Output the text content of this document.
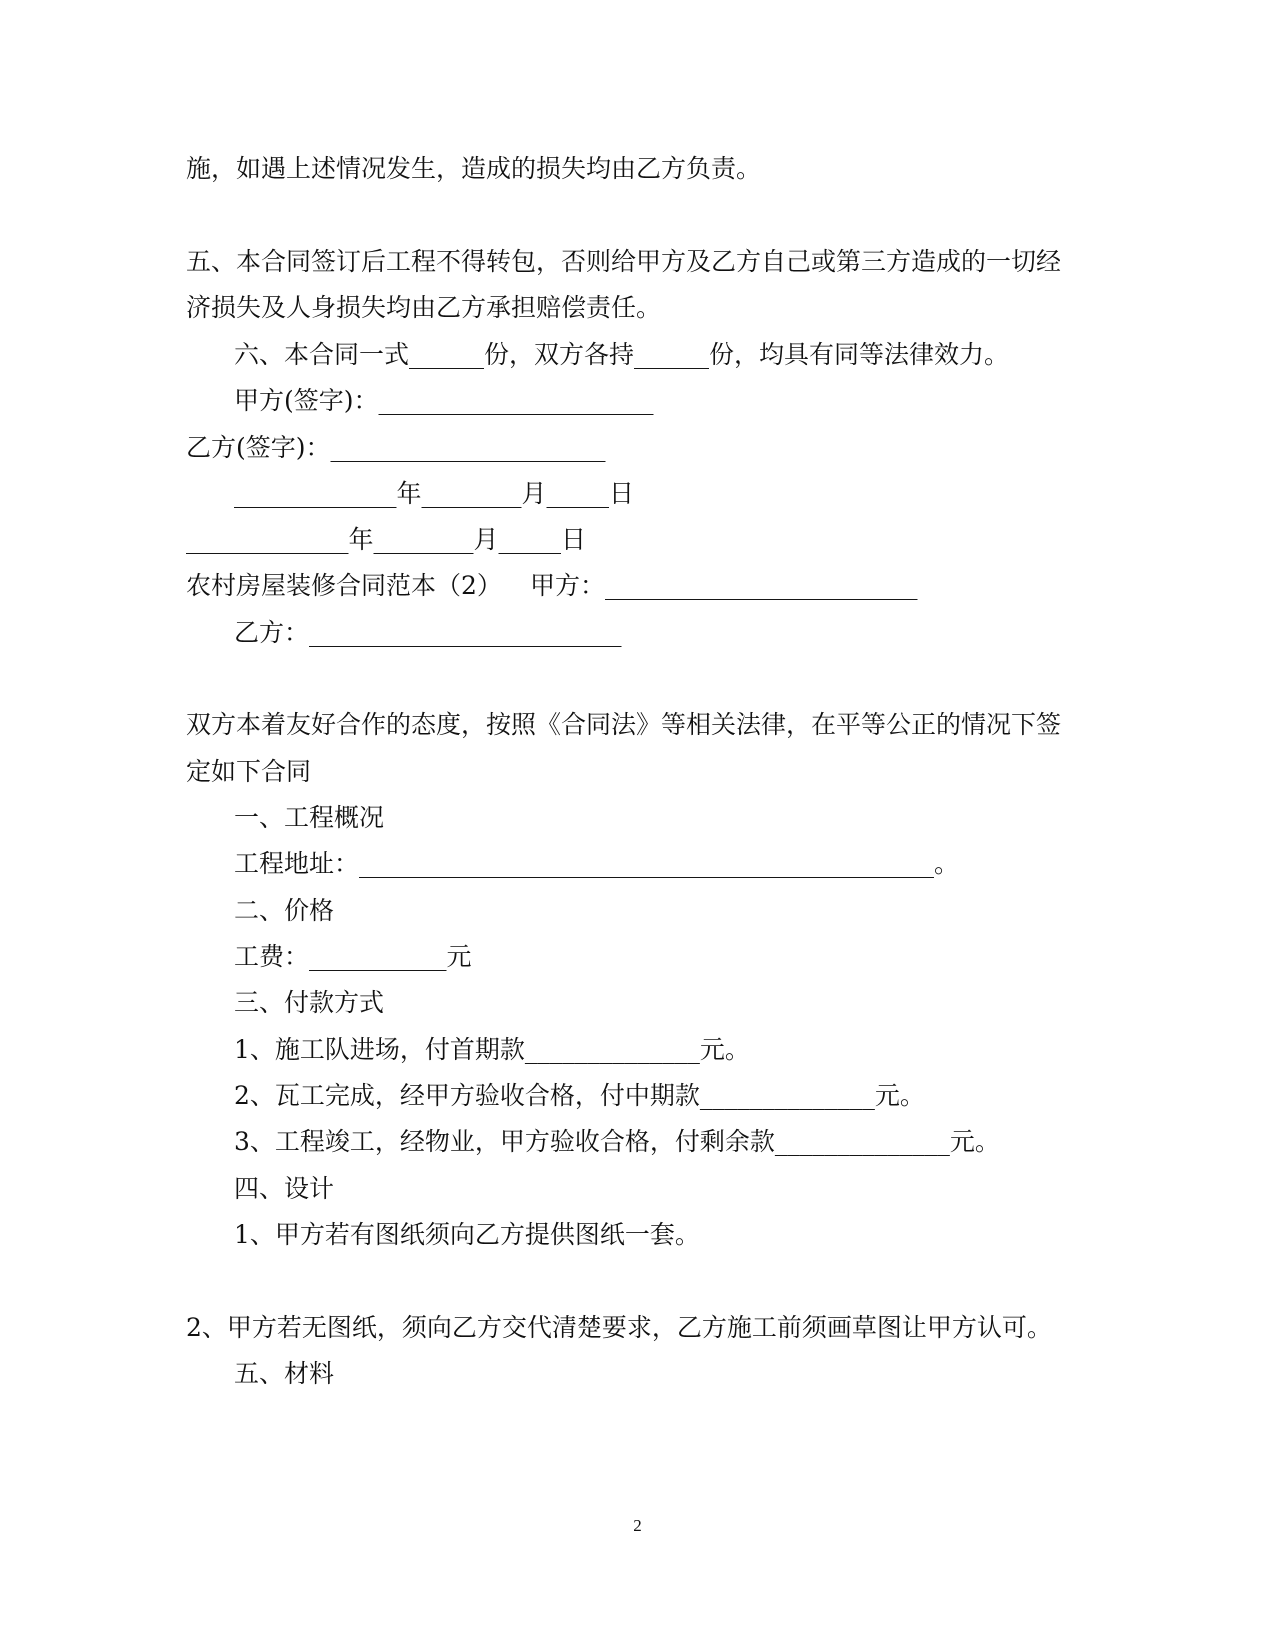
施，如遇上述情况发生，造成的损失均由乙方负责。
五、本合同签订后工程不得转包，否则给甲方及乙方自己或第三方造成的一切经
济损失及人身损失均由乙方承担赔偿责任。
六、本合同一式______份，双方各持______份，均具有同等法律效力。
甲方(签字)：______________________
乙方(签字)：______________________
_____________年________月_____日
_____________年________月_____日
农村房屋装修合同范本（2） 甲方：_________________________
乙方：_________________________
双方本着友好合作的态度，按照《合同法》等相关法律，在平等公正的情况下签
定如下合同
一、工程概况
工程地址：______________________________________________。
二、价格
工费：___________元
三、付款方式
1、施工队进场，付首期款______________元。
2、瓦工完成，经甲方验收合格，付中期款______________元。
3、工程竣工，经物业，甲方验收合格，付剩余款______________元。
四、设计
1、甲方若有图纸须向乙方提供图纸一套。
2、甲方若无图纸，须向乙方交代清楚要求，乙方施工前须画草图让甲方认可。
五、材料
2
